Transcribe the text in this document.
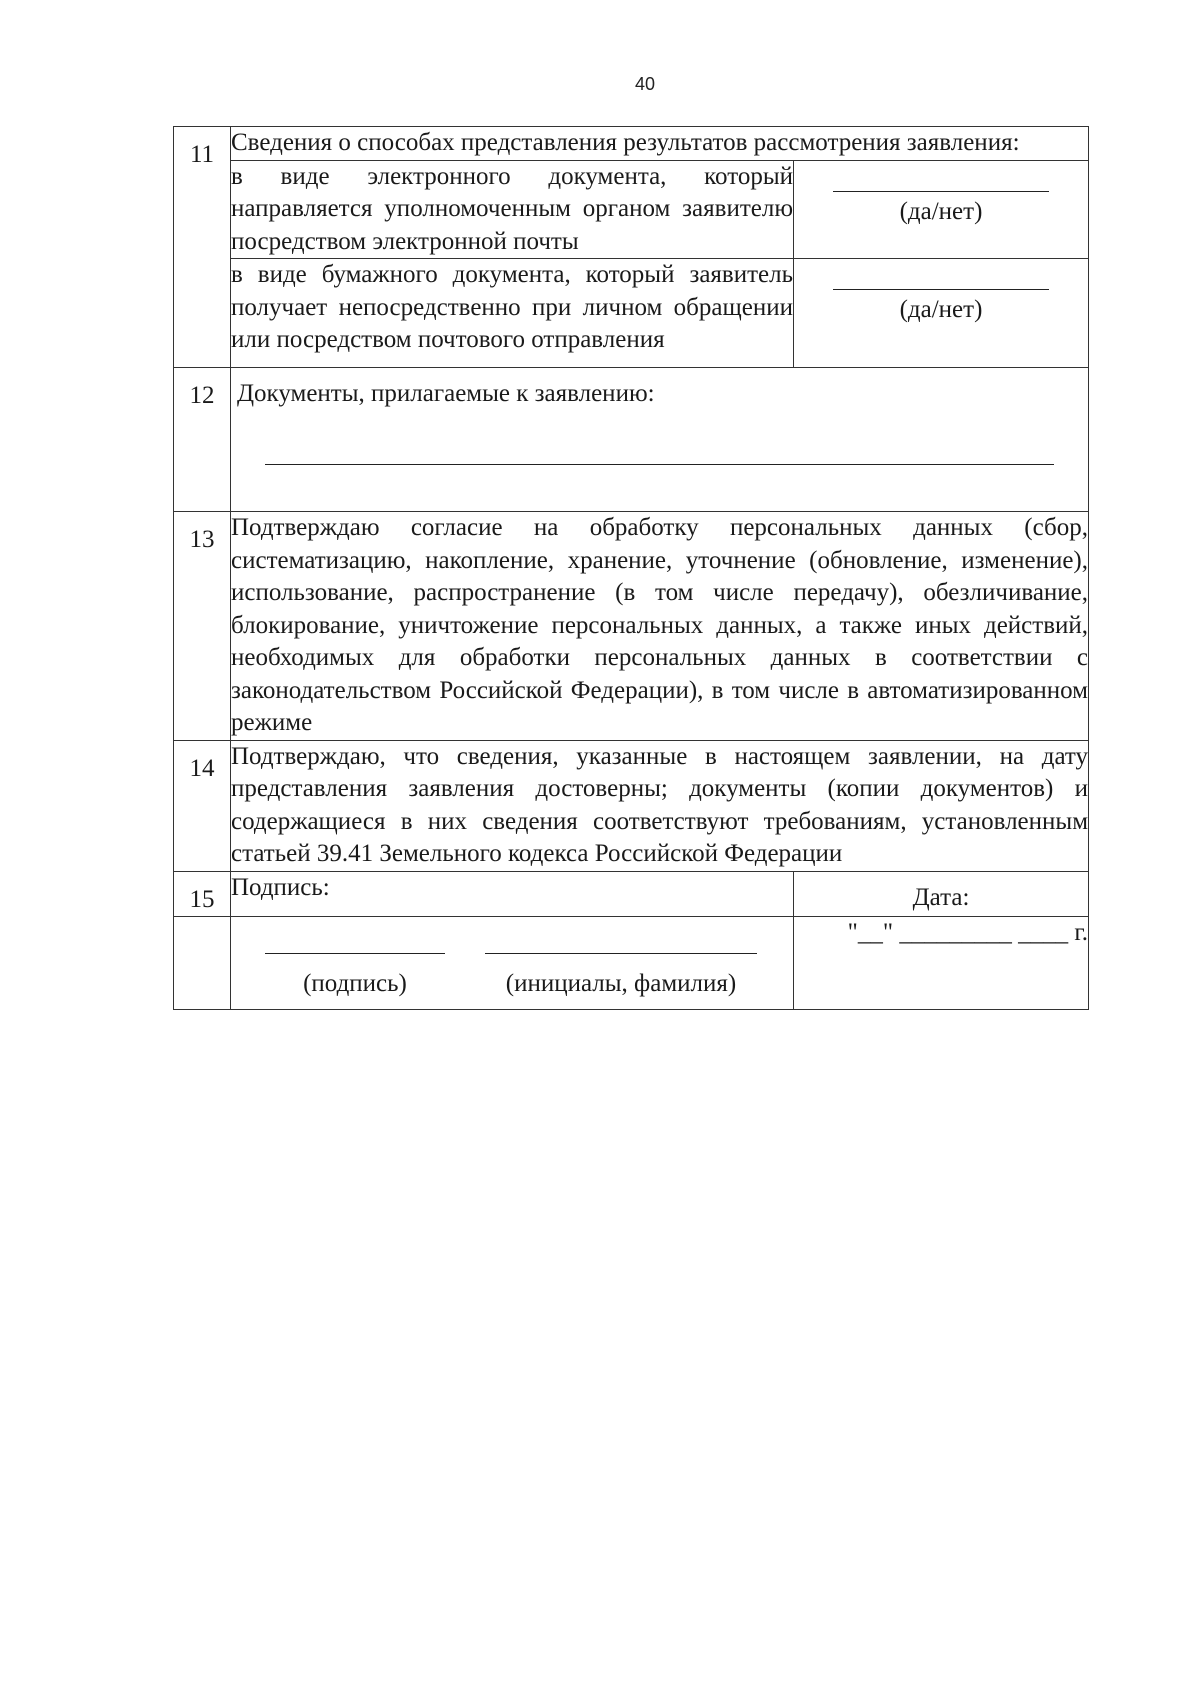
40
11	Сведения о способах представления результатов рассмотрения заявления:	
	в виде электронного документа, который направляется уполномоченным органом заявителю посредством электронной почты	(да/нет)

	в виде бумажного документа, который заявитель получает непосредственно при личном обращении или посредством почтового отправления	(да/нет)

12	Документы, прилагаемые к заявлению:	

13	Подтверждаю согласие на обработку персональных данных (сбор, систематизацию, накопление, хранение, уточнение (обновление, изменение), использование, распространение (в том числе передачу), обезличивание, блокирование, уничтожение персональных данных, а также иных действий, необходимых для обработки персональных данных в соответствии с законодательством Российской Федерации), в том числе в автоматизированном режиме	
14	Подтверждаю, что сведения, указанные в настоящем заявлении, на дату представления заявления достоверны; документы (копии документов) и содержащиеся в них сведения соответствуют требованиям, установленным статьей 39.41 Земельного кодекса Российской Федерации	
15	Подпись:	Дата:

	(подпись) (инициалы, фамилия)	"__" _________ ____ г.
